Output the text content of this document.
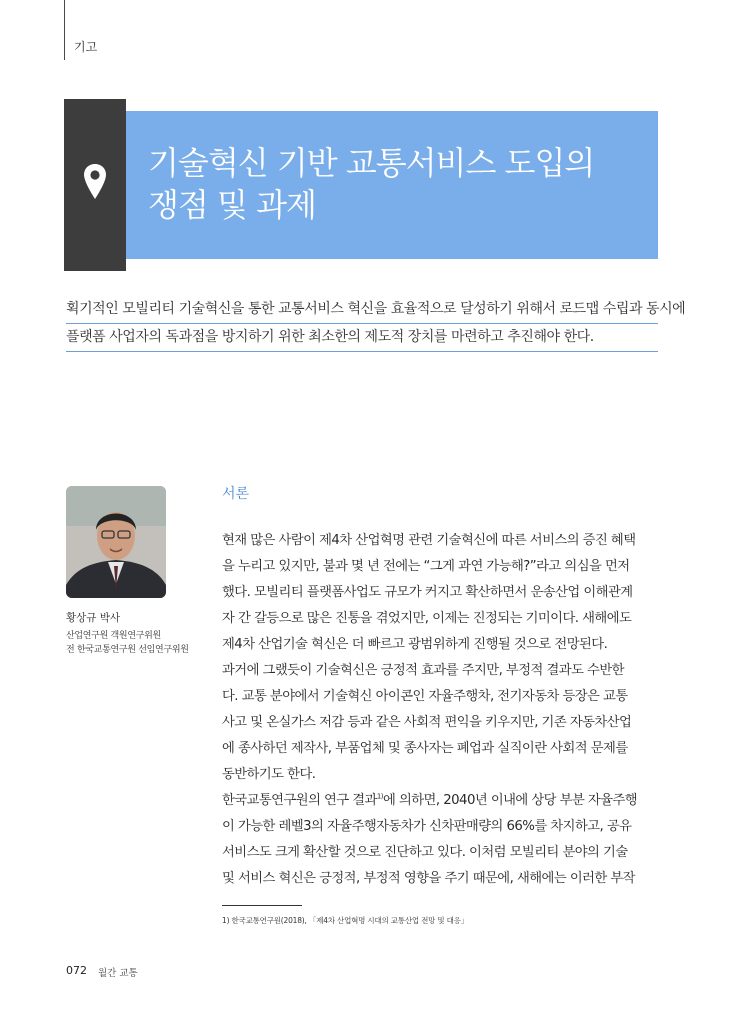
기고
기술혁신 기반 교통서비스 도입의
쟁점 및 과제

획기적인 모빌리티 기술혁신을 통한 교통서비스 혁신을 효율적으로 달성하기 위해서 로드맵 수립과 동시에
플랫폼 사업자의 독과점을 방지하기 위한 최소한의 제도적 장치를 마련하고 추진해야 한다.

황상규 박사
산업연구원 객원연구위원
전 한국교통연구원 선임연구위원
서론

현재 많은 사람이 제4차 산업혁명 관련 기술혁신에 따른 서비스의 증진 혜택
을 누리고 있지만, 불과 몇 년 전에는 “그게 과연 가능해?”라고 의심을 먼저
했다. 모빌리티 플랫폼사업도 규모가 커지고 확산하면서 운송산업 이해관계
자 간 갈등으로 많은 진통을 겪었지만, 이제는 진정되는 기미이다. 새해에도
제4차 산업기술 혁신은 더 빠르고 광범위하게 진행될 것으로 전망된다.
과거에 그랬듯이 기술혁신은 긍정적 효과를 주지만, 부정적 결과도 수반한
다. 교통 분야에서 기술혁신 아이콘인 자율주행차, 전기자동차 등장은 교통
사고 및 온실가스 저감 등과 같은 사회적 편익을 키우지만, 기존 자동차산업
에 종사하던 제작사, 부품업체 및 종사자는 폐업과 실직이란 사회적 문제를
동반하기도 한다.
한국교통연구원의 연구 결과$^{1)}$에 의하면, 2040년 이내에 상당 부분 자율주행
이 가능한 레벨3의 자율주행자동차가 신차판매량의 66%를 차지하고, 공유
서비스도 크게 확산할 것으로 진단하고 있다. 이처럼 모빌리티 분야의 기술
및 서비스 혁신은 긍정적, 부정적 영향을 주기 때문에, 새해에는 이러한 부작

1) 한국교통연구원(2018), 「제4차 산업혁명 시대의 교통산업 전망 및 대응」
072 월간 교통
